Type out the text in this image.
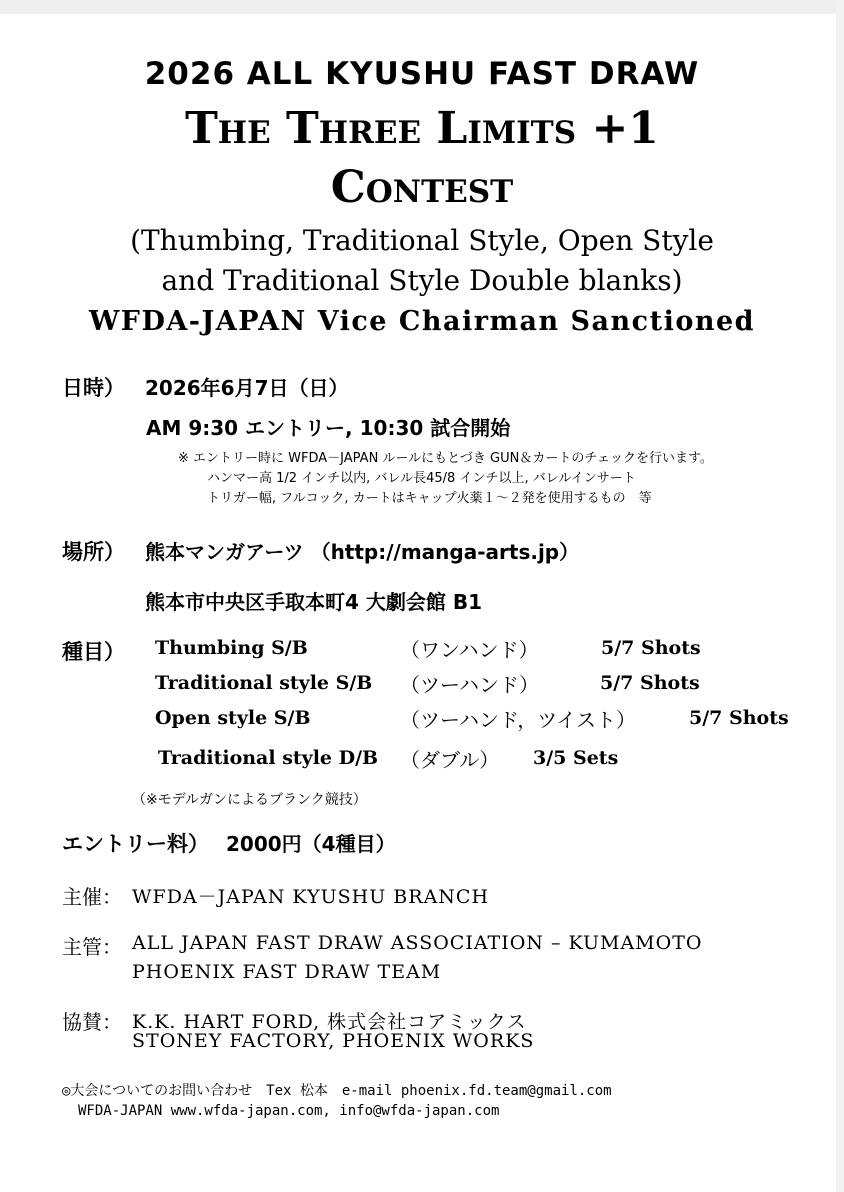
2026 ALL KYUSHU FAST DRAW
The Three Limits +1
Contest
(Thumbing, Traditional Style, Open Style
and Traditional Style Double blanks)
WFDA-JAPAN Vice Chairman Sanctioned
日時） 2026年6月7日（日）
AM 9:30 エントリー, 10:30 試合開始
※ エントリー時に WFDA－JAPAN ルールにもとづき GUN＆カートのチェックを行います。
ハンマー高 1/2 インチ以内, バレル長45/8 インチ以上, バレルインサート
トリガー幅, フルコック, カートはキャップ火薬１～２発を使用するもの　等
場所） 熊本マンガアーツ （http://manga-arts.jp）
熊本市中央区手取本町4 大劇会館 B1
種目） Thumbing S/B	（ワンハンド）	5/7 Shots
Traditional style S/B （ツーハンド）	5/7 Shots
Open style S/B	（ツーハンド，ツイスト）	5/7 Shots
Traditional style D/B （ダブル） 3/5 Sets
（※モデルガンによるブランク競技）
エントリー料） 2000円（4種目）
主催： WFDA－JAPAN KYUSHU BRANCH
主管： ALL JAPAN FAST DRAW ASSOCIATION – KUMAMOTO
PHOENIX FAST DRAW TEAM
協賛： K.K. HART FORD, 株式会社コアミックス
STONEY FACTORY, PHOENIX WORKS
◎大会についてのお問い合わせ　Tex 松本　e-mail phoenix.fd.team@gmail.com
WFDA-JAPAN www.wfda-japan.com, info@wfda-japan.com
